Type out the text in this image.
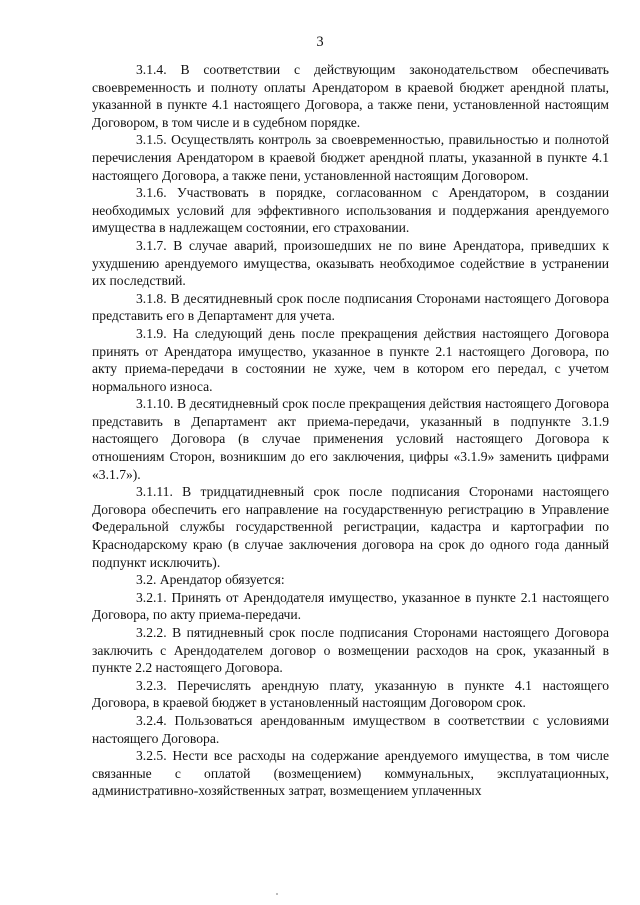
3

3.1.4. В соответствии с действующим законодательством обеспечивать своевременность и полноту оплаты Арендатором в краевой бюджет арендной платы, указанной в пункте 4.1 настоящего Договора, а также пени, установленной настоящим Договором, в том числе и в судебном порядке.

3.1.5. Осуществлять контроль за своевременностью, правильностью и полнотой перечисления Арендатором в краевой бюджет арендной платы, указанной в пункте 4.1 настоящего Договора, а также пени, установленной настоящим Договором.

3.1.6. Участвовать в порядке, согласованном с Арендатором, в создании необходимых условий для эффективного использования и поддержания арендуемого имущества в надлежащем состоянии, его страховании.

3.1.7. В случае аварий, произошедших не по вине Арендатора, приведших к ухудшению арендуемого имущества, оказывать необходимое содействие в устранении их последствий.

3.1.8. В десятидневный срок после подписания Сторонами настоящего Договора представить его в Департамент для учета.

3.1.9. На следующий день после прекращения действия настоящего Договора принять от Арендатора имущество, указанное в пункте 2.1 настоящего Договора, по акту приема-передачи в состоянии не хуже, чем в котором его передал, с учетом нормального износа.

3.1.10. В десятидневный срок после прекращения действия настоящего Договора представить в Департамент акт приема-передачи, указанный в подпункте 3.1.9 настоящего Договора (в случае применения условий настоящего Договора к отношениям Сторон, возникшим до его заключения, цифры «3.1.9» заменить цифрами «3.1.7»).

3.1.11. В тридцатидневный срок после подписания Сторонами настоящего Договора обеспечить его направление на государственную регистрацию в Управление Федеральной службы государственной регистрации, кадастра и картографии по Краснодарскому краю (в случае заключения договора на срок до одного года данный подпункт исключить).

3.2. Арендатор обязуется:

3.2.1. Принять от Арендодателя имущество, указанное в пункте 2.1 настоящего Договора, по акту приема-передачи.

3.2.2. В пятидневный срок после подписания Сторонами настоящего Договора заключить с Арендодателем договор о возмещении расходов на срок, указанный в пункте 2.2 настоящего Договора.

3.2.3. Перечислять арендную плату, указанную в пункте 4.1 настоящего Договора, в краевой бюджет в установленный настоящим Договором срок.

3.2.4. Пользоваться арендованным имуществом в соответствии с условиями настоящего Договора.

3.2.5. Нести все расходы на содержание арендуемого имущества, в том числе связанные с оплатой (возмещением) коммунальных, эксплуатационных, административно-хозяйственных затрат, возмещением уплаченных
